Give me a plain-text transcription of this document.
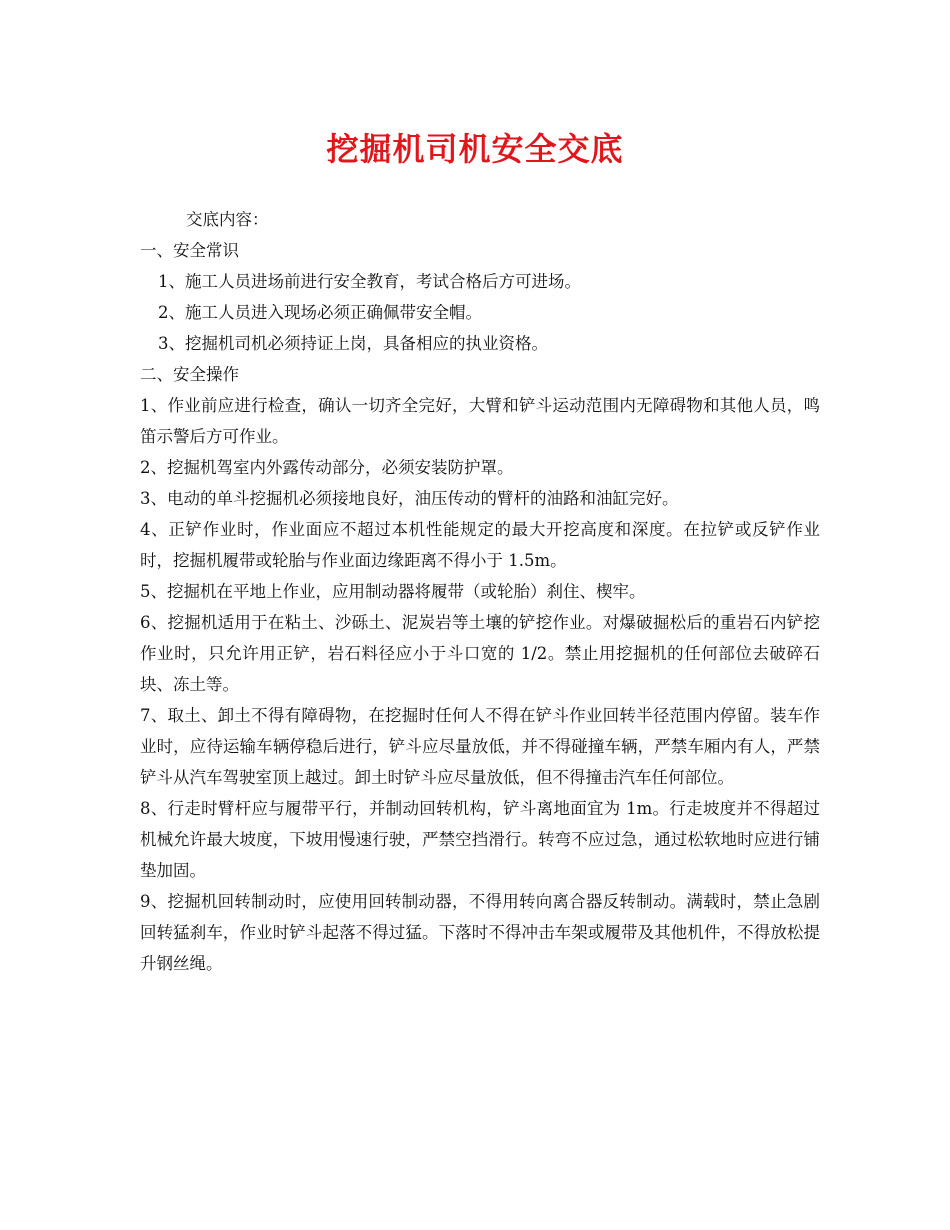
挖掘机司机安全交底

交底内容：

一、安全常识

1、施工人员进场前进行安全教育，考试合格后方可进场。

2、施工人员进入现场必须正确佩带安全帽。

3、挖掘机司机必须持证上岗，具备相应的执业资格。

二、安全操作

1、作业前应进行检查，确认一切齐全完好，大臂和铲斗运动范围内无障碍物和其他人员，鸣笛示警后方可作业。

2、挖掘机驾室内外露传动部分，必须安装防护罩。

3、电动的单斗挖掘机必须接地良好，油压传动的臂杆的油路和油缸完好。

4、正铲作业时，作业面应不超过本机性能规定的最大开挖高度和深度。在拉铲或反铲作业时，挖掘机履带或轮胎与作业面边缘距离不得小于 1.5m。

5、挖掘机在平地上作业，应用制动器将履带（或轮胎）刹住、楔牢。

6、挖掘机适用于在粘土、沙砾土、泥炭岩等土壤的铲挖作业。对爆破掘松后的重岩石内铲挖作业时，只允许用正铲，岩石料径应小于斗口宽的 1/2。禁止用挖掘机的任何部位去破碎石块、冻土等。

7、取土、卸土不得有障碍物，在挖掘时任何人不得在铲斗作业回转半径范围内停留。装车作业时，应待运输车辆停稳后进行，铲斗应尽量放低，并不得碰撞车辆，严禁车厢内有人，严禁铲斗从汽车驾驶室顶上越过。卸土时铲斗应尽量放低，但不得撞击汽车任何部位。

8、行走时臂杆应与履带平行，并制动回转机构，铲斗离地面宜为 1m。行走坡度并不得超过机械允许最大坡度，下坡用慢速行驶，严禁空挡滑行。转弯不应过急，通过松软地时应进行铺垫加固。

9、挖掘机回转制动时，应使用回转制动器，不得用转向离合器反转制动。满载时，禁止急剧回转猛刹车，作业时铲斗起落不得过猛。下落时不得冲击车架或履带及其他机件，不得放松提升钢丝绳。
